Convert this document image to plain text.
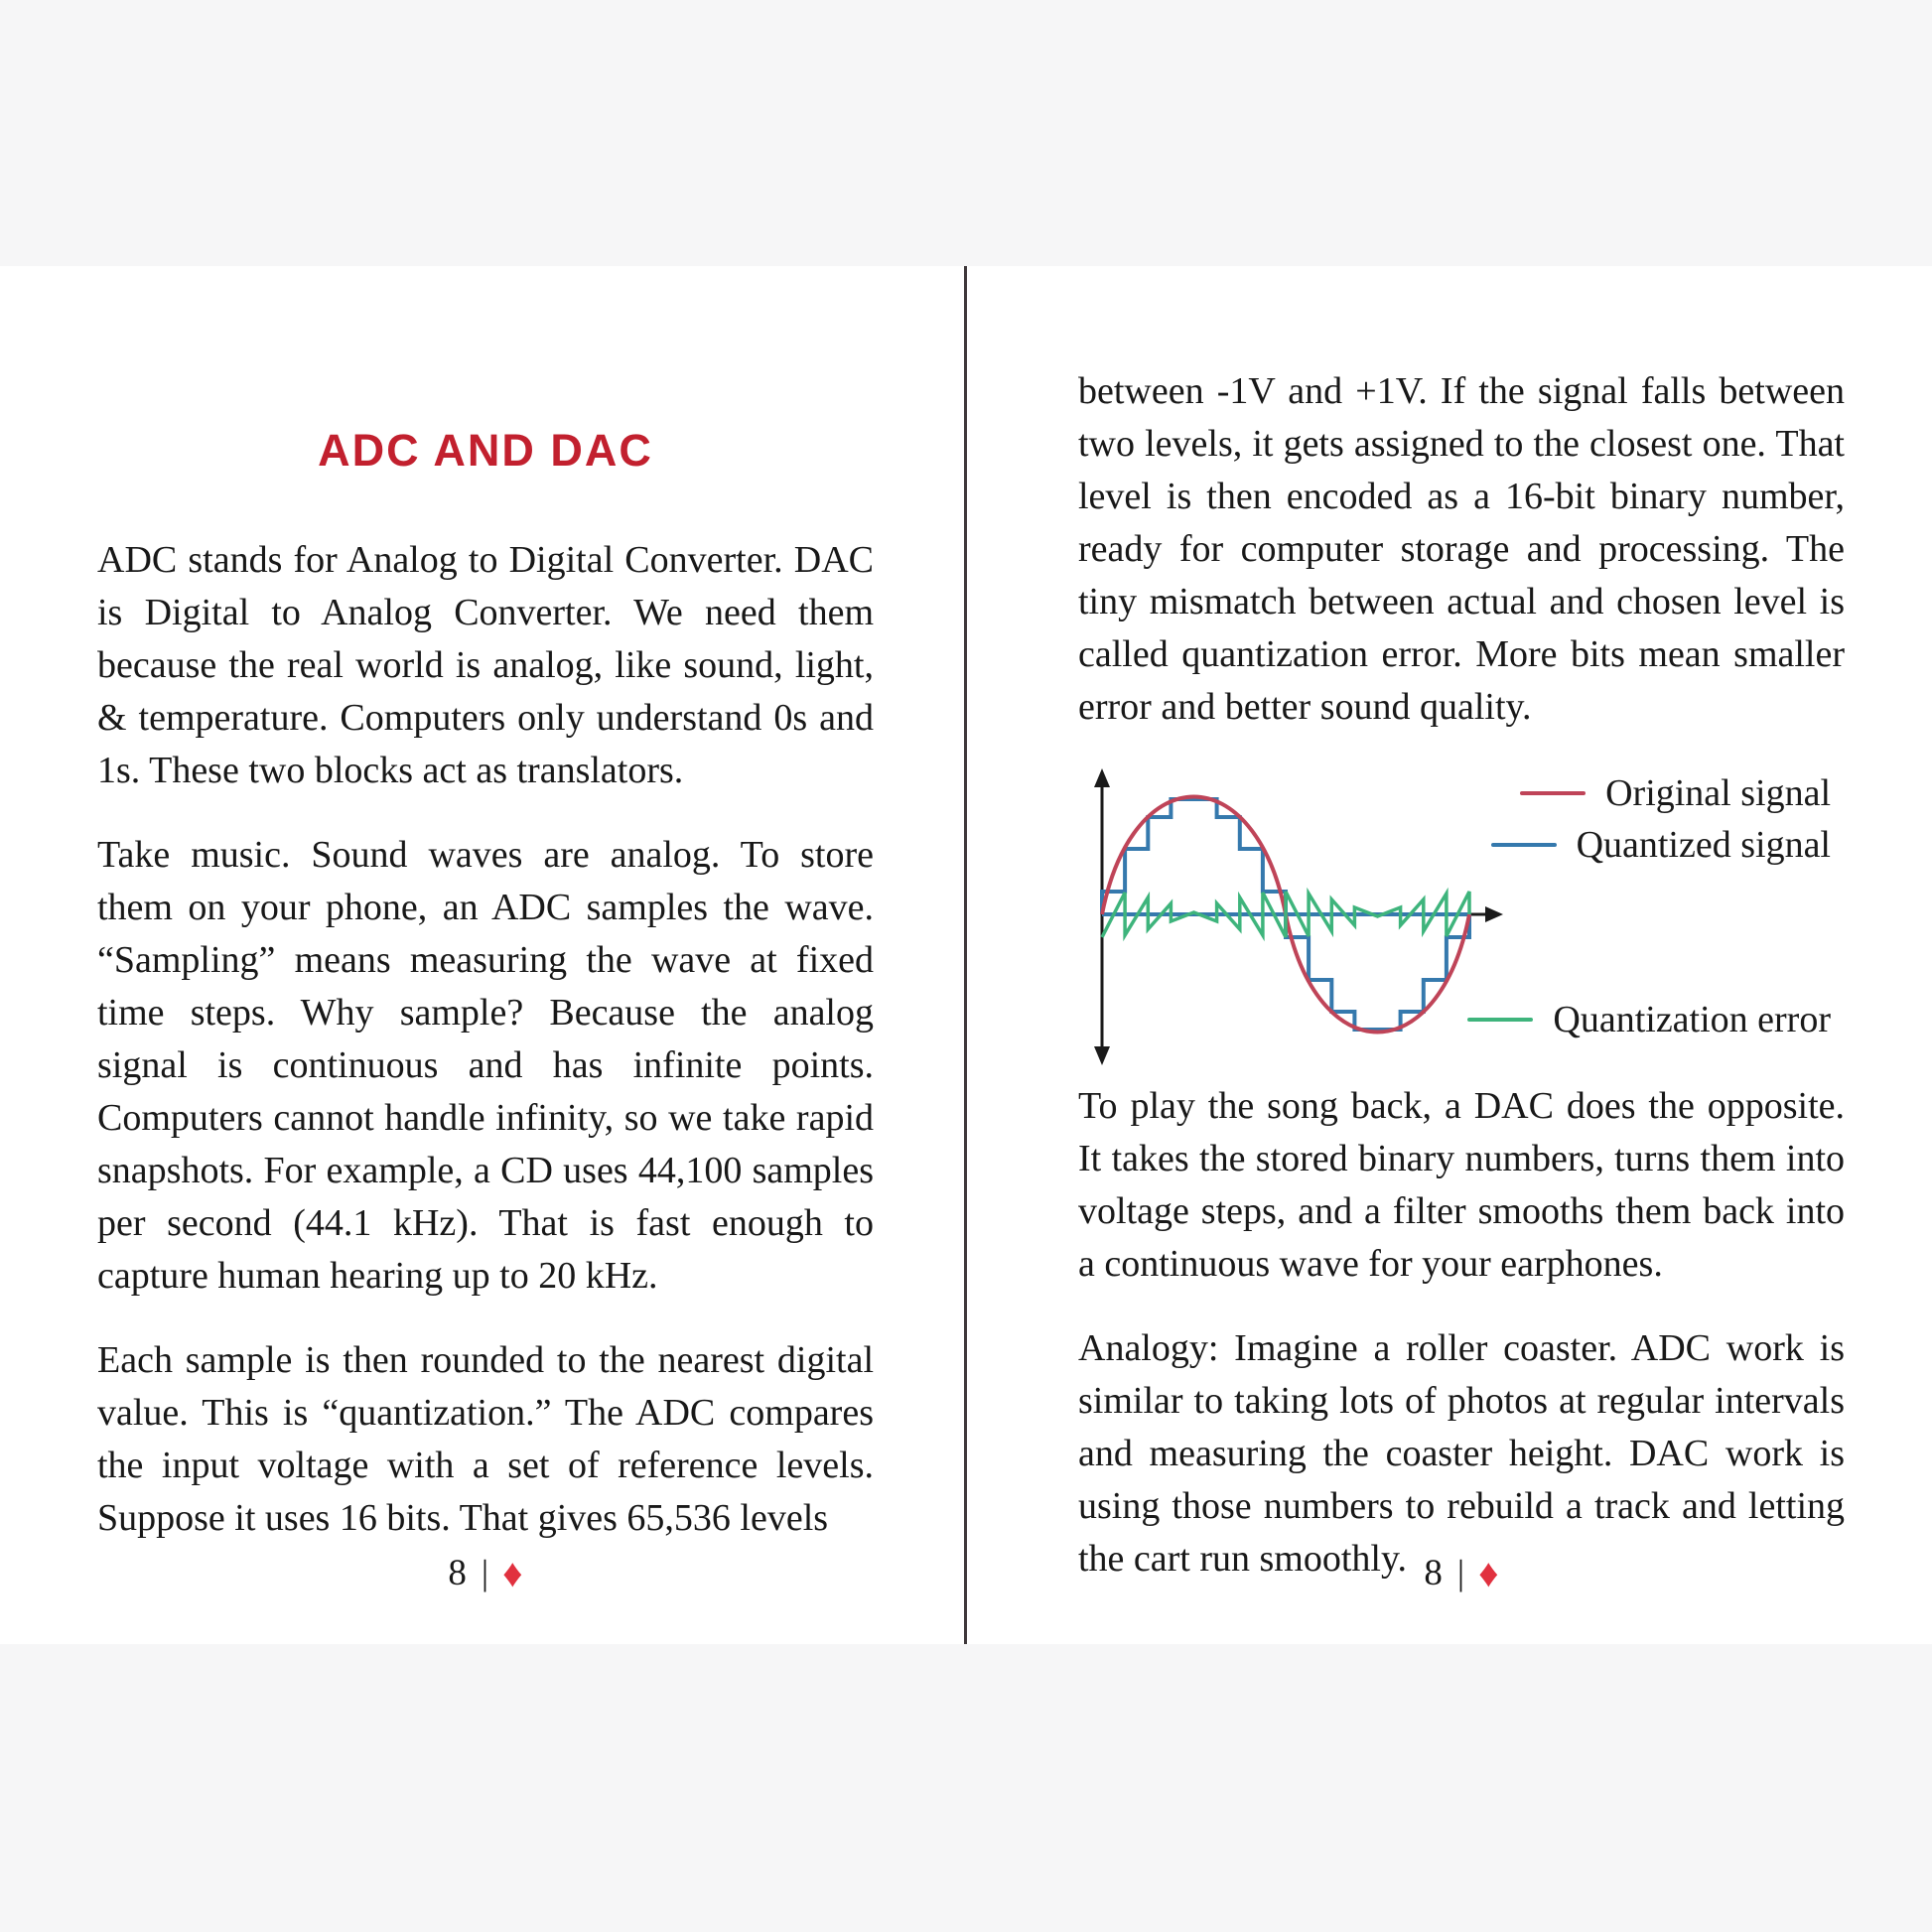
ADC AND DAC

ADC stands for Analog to Digital Converter. DAC is Digital to Analog Converter. We need them because the real world is analog, like sound, light, & temperature. Computers only understand 0s and 1s. These two blocks act as translators.

Take music. Sound waves are analog. To store them on your phone, an ADC samples the wave. “Sampling” means measuring the wave at fixed time steps. Why sample? Because the analog signal is continuous and has infinite points. Computers cannot handle infinity, so we take rapid snapshots. For example, a CD uses 44,100 samples per second (44.1 kHz). That is fast enough to capture human hearing up to 20 kHz.

Each sample is then rounded to the nearest digital value. This is “quantization.” The ADC compares the input voltage with a set of reference levels. Suppose it uses 16 bits. That gives 65,536 levels

8 | ♦

between -1V and +1V. If the signal falls between two levels, it gets assigned to the closest one. That level is then encoded as a 16-bit binary number, ready for computer storage and processing. The tiny mismatch between actual and chosen level is called quantization error. More bits mean smaller error and better sound quality.

Original signal
Quantized signal
Quantization error

To play the song back, a DAC does the opposite. It takes the stored binary numbers, turns them into voltage steps, and a filter smooths them back into a continuous wave for your earphones.

Analogy: Imagine a roller coaster. ADC work is similar to taking lots of photos at regular intervals and measuring the coaster height. DAC work is using those numbers to rebuild a track and letting the cart run smoothly. 8 | ♦
